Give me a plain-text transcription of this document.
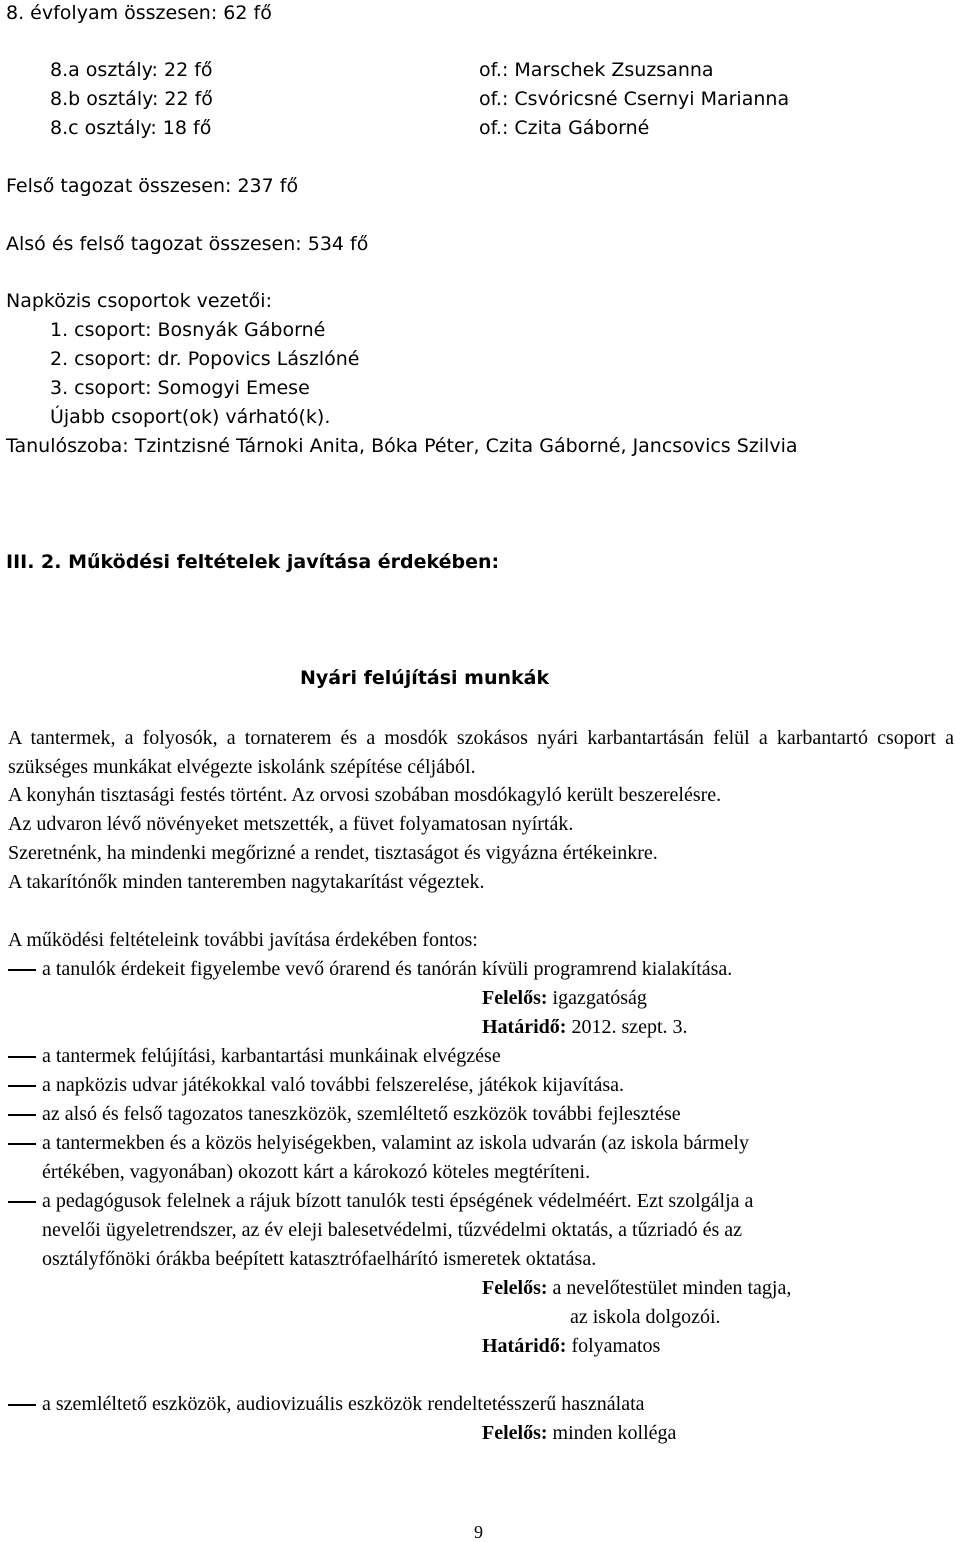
8. évfolyam összesen: 62 fő
8.a osztály: 22 fő	of.: Marschek Zsuzsanna
8.b osztály: 22 fő	of.: Csvóricsné Csernyi Marianna
8.c osztály: 18 fő	of.: Czita Gáborné
Felső tagozat összesen: 237 fő
Alsó és felső tagozat összesen: 534 fő
Napközis csoportok vezetői:
1. csoport: Bosnyák Gáborné
2. csoport: dr. Popovics Lászlóné
3. csoport: Somogyi Emese
Újabb csoport(ok) várható(k).
Tanulószoba: Tzintzisné Tárnoki Anita, Bóka Péter, Czita Gáborné, Jancsovics Szilvia
III. 2. Működési feltételek javítása érdekében:
Nyári felújítási munkák
A tantermek, a folyosók, a tornaterem és a mosdók szokásos nyári karbantartásán felül a karbantartó csoport a szükséges munkákat elvégezte iskolánk szépítése céljából.
A konyhán tisztasági festés történt. Az orvosi szobában mosdókagyló került beszerelésre.
Az udvaron lévő növényeket metszették, a füvet folyamatosan nyírták.
Szeretnénk, ha mindenki megőrizné a rendet, tisztaságot és vigyázna értékeinkre.
A takarítónők minden tanteremben nagytakarítást végeztek.
A működési feltételeink további javítása érdekében fontos:
a tanulók érdekeit figyelembe vevő órarend és tanórán kívüli programrend kialakítása.
Felelős: igazgatóság
Határidő: 2012. szept. 3.
a tantermek felújítási, karbantartási munkáinak elvégzése
a napközis udvar játékokkal való további felszerelése, játékok kijavítása.
az alsó és felső tagozatos taneszközök, szemléltető eszközök további fejlesztése
a tantermekben és a közös helyiségekben, valamint az iskola udvarán (az iskola bármely
értékében, vagyonában) okozott kárt a károkozó köteles megtéríteni.
a pedagógusok felelnek a rájuk bízott tanulók testi épségének védelméért. Ezt szolgálja a
nevelői ügyeletrendszer, az év eleji balesetvédelmi, tűzvédelmi oktatás, a tűzriadó és az
osztályfőnöki órákba beépített katasztrófaelhárító ismeretek oktatása.
Felelős: a nevelőtestület minden tagja,
az iskola dolgozói.
Határidő: folyamatos
a szemléltető eszközök, audiovizuális eszközök rendeltetésszerű használata
Felelős: minden kolléga
9
